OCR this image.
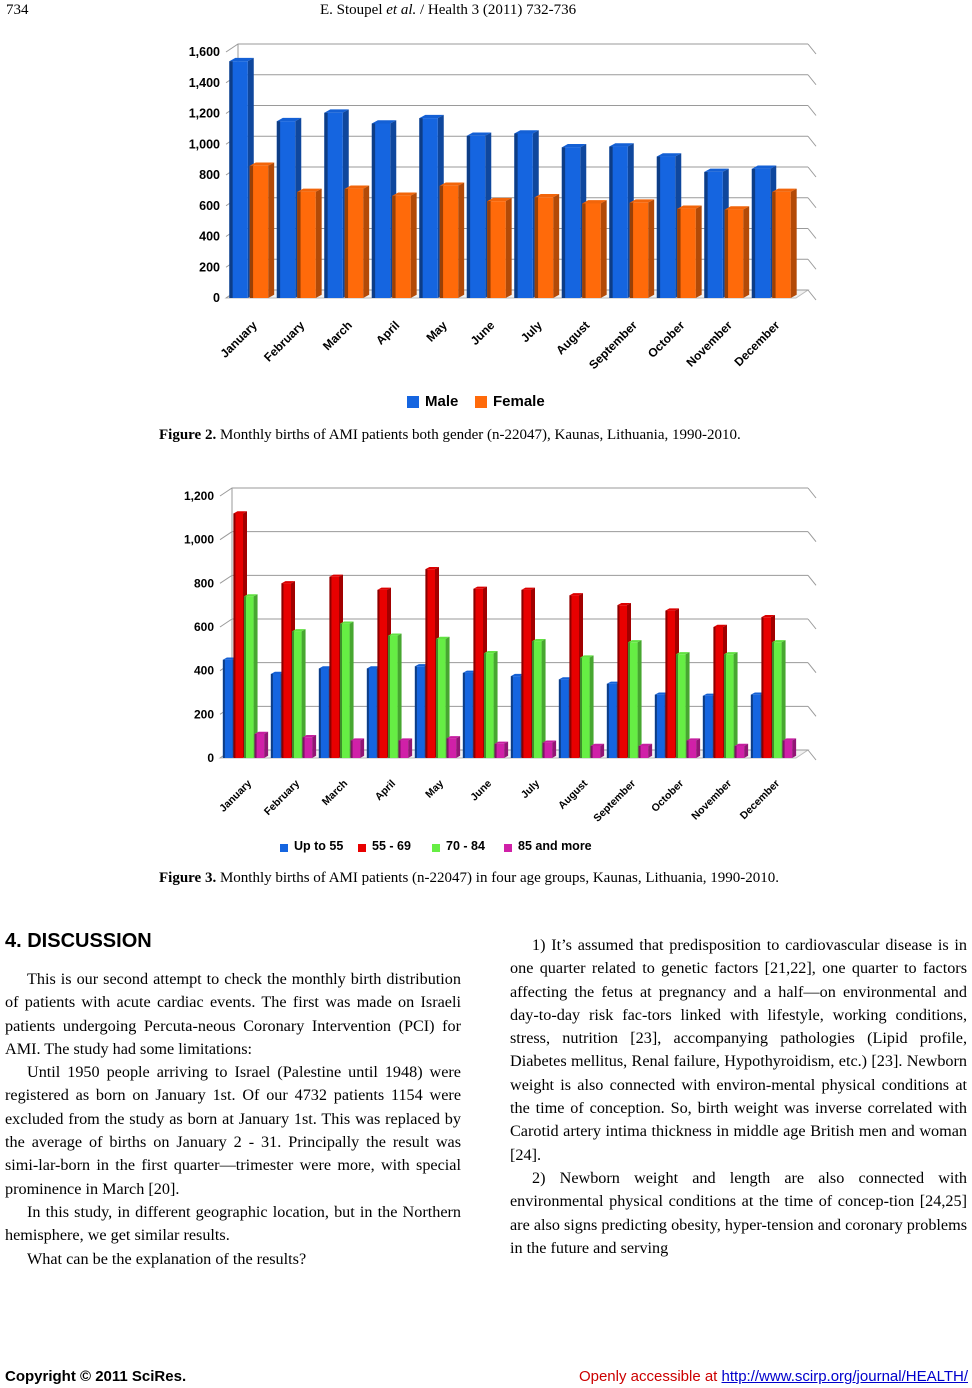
734	E. Stoupel et al. / Health 3 (2011) 732-736
0
200
400
600
800
1,000
1,200
1,400
1,600
January February March April May June July August
September October
November
December
Male Female
Figure 2. Monthly births of AMI patients both gender (n-22047), Kaunas, Lithuania, 1990-2010.
0
200
400
600
800
1,000
1,200
January February March April May June July August September October November December
Up to 55 55 - 69	70 - 84	85 and more
Figure 3. Monthly births of AMI patients (n-22047) in four age groups, Kaunas, Lithuania, 1990-2010.
4. DISCUSSION

This is our second attempt to check the monthly birth distribution of patients with acute cardiac events. The first was made on Israeli patients undergoing Percuta-neous Coronary Intervention (PCI) for AMI. The study had some limitations:

Until 1950 people arriving to Israel (Palestine until 1948) were registered as born on January 1st. Of our 4732 patients 1154 were excluded from the study as born at January 1st. This was replaced by the average of births on January 2 - 31. Principally the result was simi-lar-born in the first quarter―trimester were more, with special prominence in March [20].

In this study, in different geographic location, but in the Northern hemisphere, we get similar results.

What can be the explanation of the results?

1) It’s assumed that predisposition to cardiovascular disease is in one quarter related to genetic factors [21,22], one quarter to factors affecting the fetus at pregnancy and a half―on environmental and day-to-day risk fac-tors linked with lifestyle, working conditions, stress, nutrition [23], accompanying pathologies (Lipid profile, Diabetes mellitus, Renal failure, Hypothyroidism, etc.) [23]. Newborn weight is also connected with environ-mental physical conditions at the time of conception. So, birth weight was inverse correlated with Carotid artery intima thickness in middle age British men and woman [24].

2) Newborn weight and length are also connected with environmental physical conditions at the time of concep-tion [24,25] are also signs predicting obesity, hyper-tension and coronary problems in the future and serving

Copyright © 2011 SciRes.	Openly accessible at http://www.scirp.org/journal/HEALTH/
